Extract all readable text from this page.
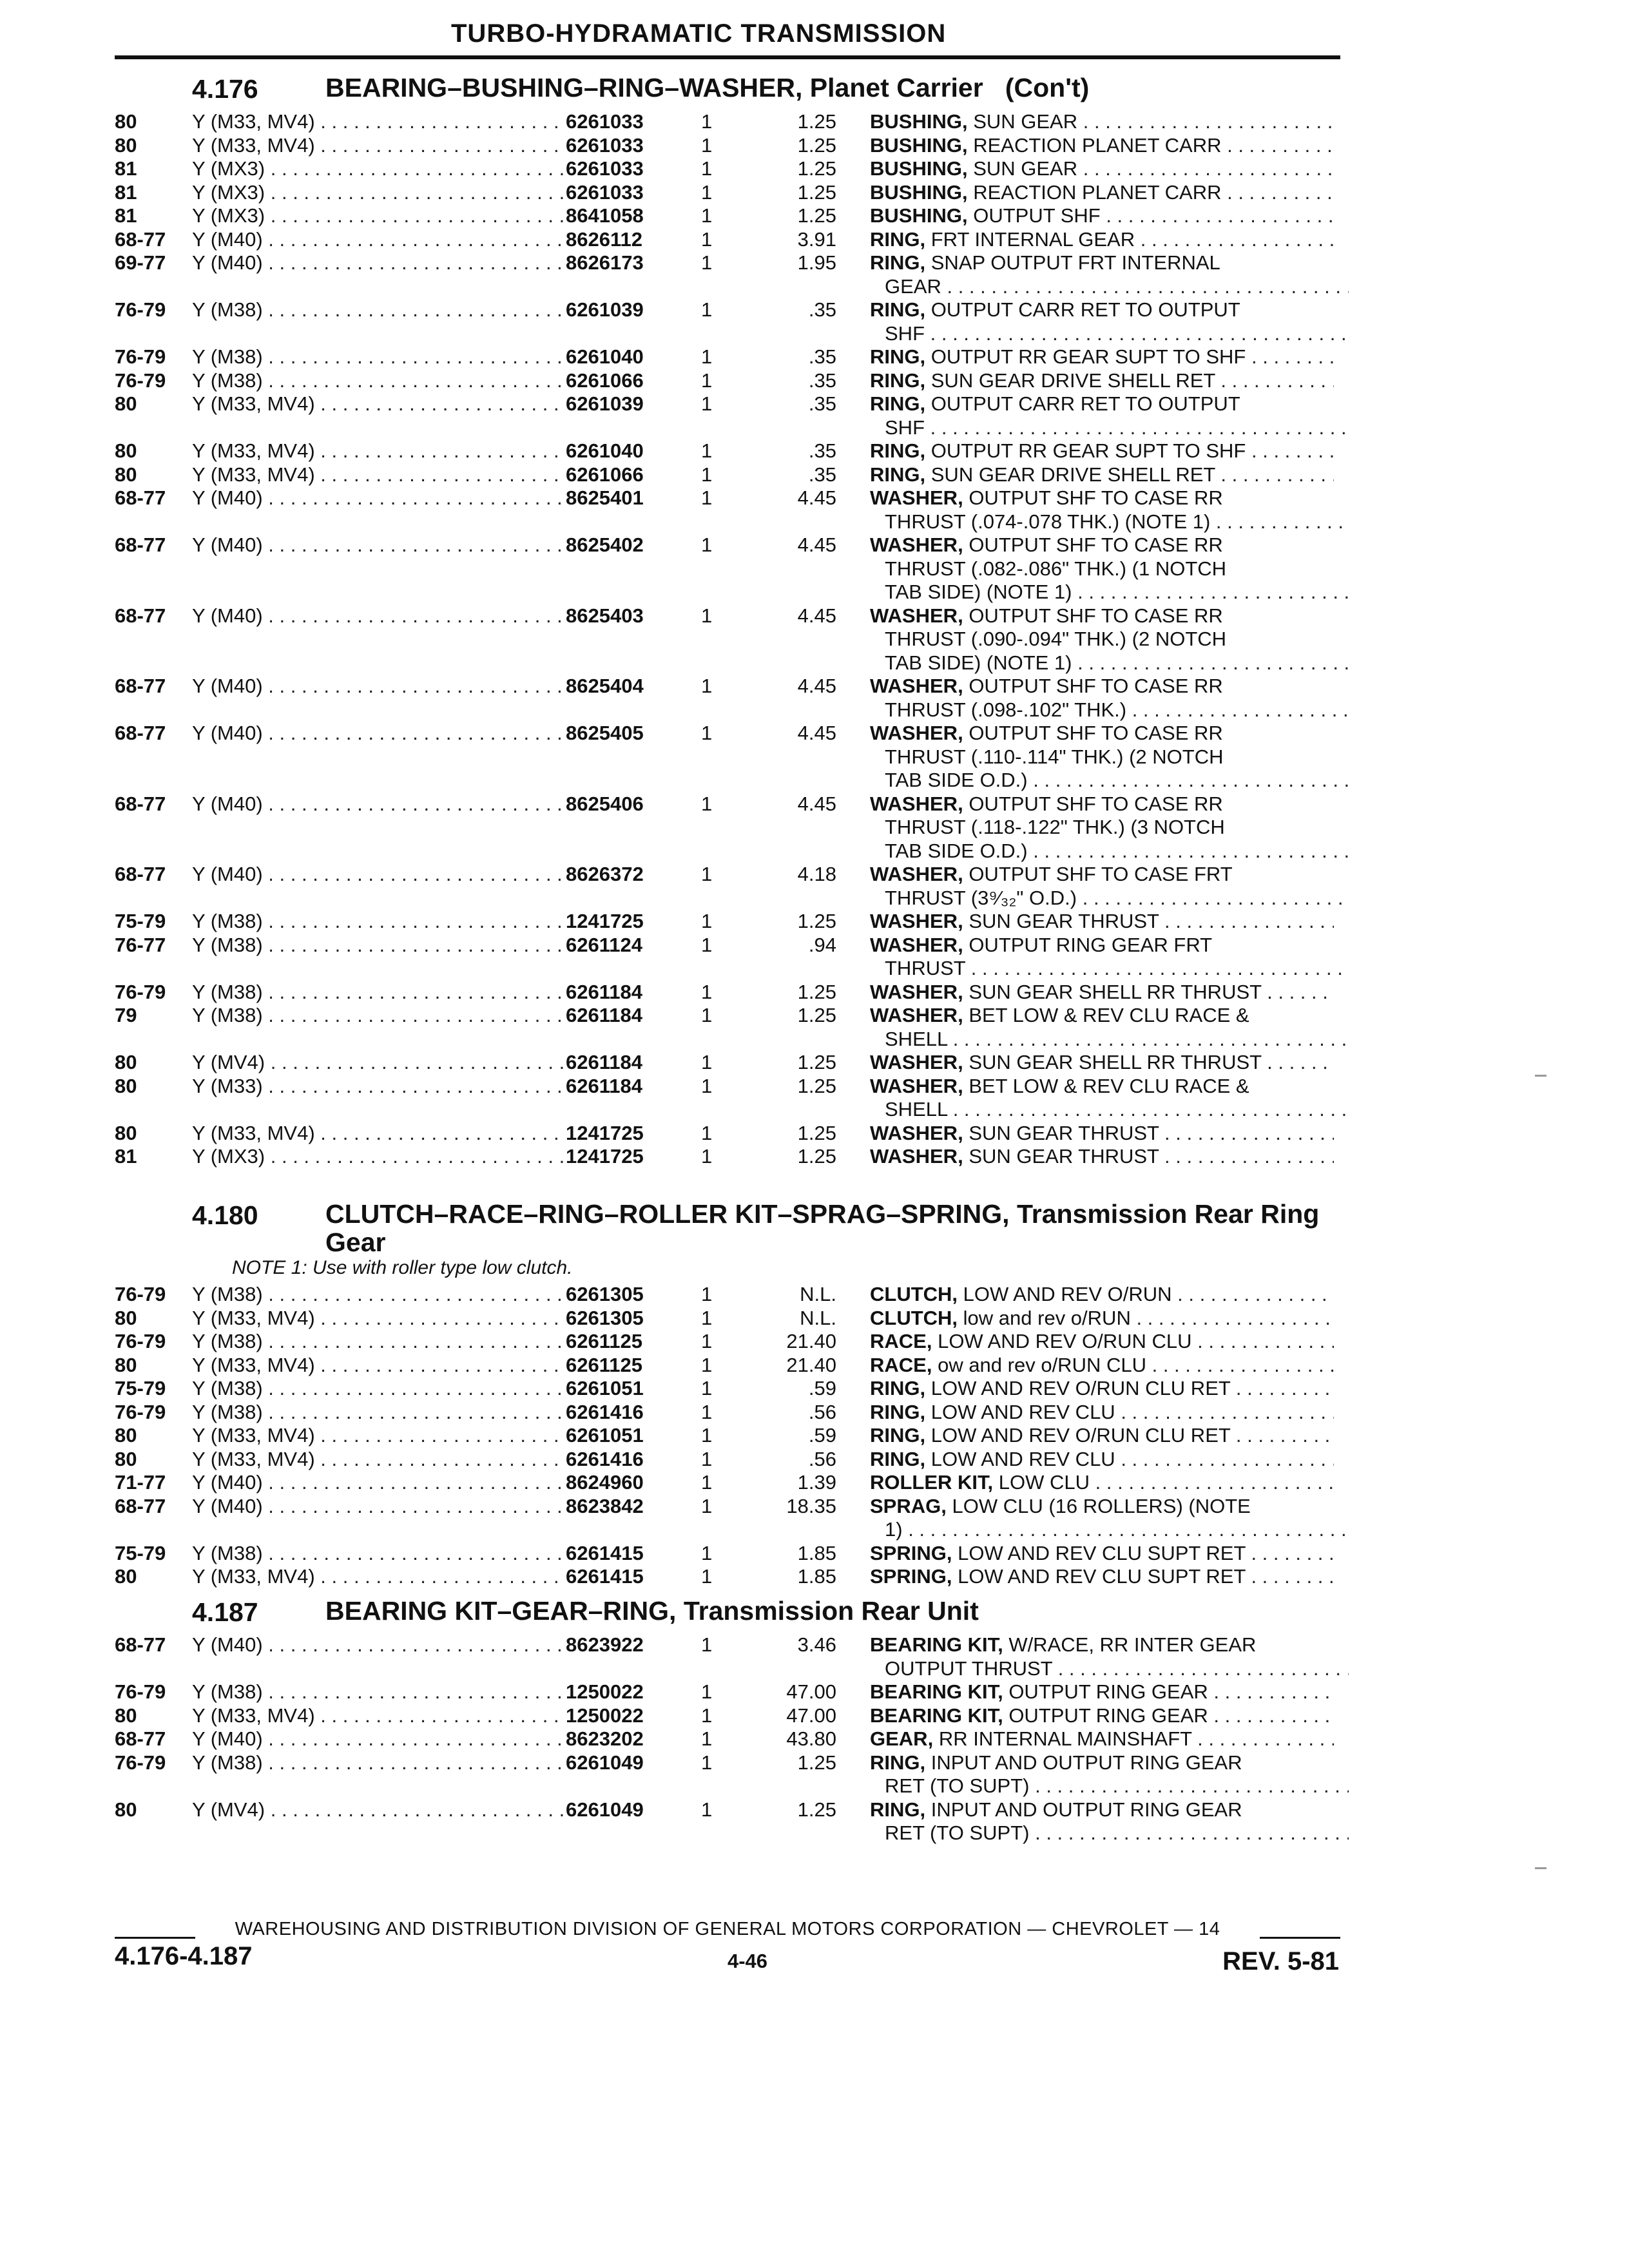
TURBO-HYDRAMATIC TRANSMISSION
4.176	BEARING–BUSHING–RING–WASHER, Planet Carrier (Con't)
80	Y (M33, MV4) . . .	6261033	1	1.25 BUSHING, SUN GEAR . . .
80	Y (M33, MV4) . . .	6261033	1	1.25 BUSHING, REACTION PLANET CARR . . .
81	Y (MX3) . . .	6261033	1	1.25 BUSHING, SUN GEAR . . .
81	Y (MX3) . . .	6261033	1	1.25 BUSHING, REACTION PLANET CARR . . .
81	Y (MX3) . . .	8641058	1	1.25 BUSHING, OUTPUT SHF . . .
68-77	Y (M40) . . .	8626112	1	3.91 RING, FRT INTERNAL GEAR . . .
69-77	Y (M40) . . .	8626173	1	1.95 RING, SNAP OUTPUT FRT INTERNAL
GEAR . . .
76-79	Y (M38) . . .	6261039	1	.35 RING, OUTPUT CARR RET TO OUTPUT
SHF . . .
76-79	Y (M38) . . .	6261040	1	.35 RING, OUTPUT RR GEAR SUPT TO SHF . . .
76-79	Y (M38) . . .	6261066	1	.35 RING, SUN GEAR DRIVE SHELL RET . . .
80	Y (M33, MV4) . . .	6261039	1	.35 RING, OUTPUT CARR RET TO OUTPUT
SHF . . .
80	Y (M33, MV4) . . .	6261040	1	.35 RING, OUTPUT RR GEAR SUPT TO SHF . . .
80	Y (M33, MV4) . . .	6261066	1	.35 RING, SUN GEAR DRIVE SHELL RET . . .
68-77	Y (M40) . . .	8625401	1	4.45 WASHER, OUTPUT SHF TO CASE RR
THRUST (.074-.078 THK.) (NOTE 1) . . .
68-77	Y (M40) . . .	8625402	1	4.45 WASHER, OUTPUT SHF TO CASE RR
THRUST (.082-.086" THK.) (1 NOTCH
TAB SIDE) (NOTE 1) . . .
68-77	Y (M40) . . .	8625403	1	4.45 WASHER, OUTPUT SHF TO CASE RR
THRUST (.090-.094" THK.) (2 NOTCH
TAB SIDE) (NOTE 1) . . .
68-77	Y (M40) . . .	8625404	1	4.45 WASHER, OUTPUT SHF TO CASE RR
THRUST (.098-.102" THK.) . . .
68-77	Y (M40) . . .	8625405	1	4.45 WASHER, OUTPUT SHF TO CASE RR
THRUST (.110-.114" THK.) (2 NOTCH
TAB SIDE O.D.) . . .
68-77	Y (M40) . . .	8625406	1	4.45 WASHER, OUTPUT SHF TO CASE RR
THRUST (.118-.122" THK.) (3 NOTCH
TAB SIDE O.D.) . . .
68-77	Y (M40) . . .	8626372	1	4.18 WASHER, OUTPUT SHF TO CASE FRT
THRUST (3⁹⁄₃₂" O.D.) . . .
75-79	Y (M38) . . .	1241725	1	1.25 WASHER, SUN GEAR THRUST . . .
76-77	Y (M38) . . .	6261124	1	.94 WASHER, OUTPUT RING GEAR FRT
THRUST . . .
76-79	Y (M38) . . .	6261184	1	1.25 WASHER, SUN GEAR SHELL RR THRUST . . . .
79	Y (M38) . . .	6261184	1	1.25 WASHER, BET LOW & REV CLU RACE &
SHELL . . .
80	Y (MV4) . . .	6261184	1	1.25 WASHER, SUN GEAR SHELL RR THRUST . . . .
80	Y (M33) . . .	6261184	1	1.25 WASHER, BET LOW & REV CLU RACE &
SHELL . . .
80	Y (M33, MV4) . . .	1241725	1	1.25 WASHER, SUN GEAR THRUST . . .
81	Y (MX3) . . .	1241725	1	1.25 WASHER, SUN GEAR THRUST . . .
4.180	CLUTCH–RACE–RING–ROLLER KIT–SPRAG–SPRING, Transmission Rear Ring Gear
NOTE 1: Use with roller type low clutch.
76-79	Y (M38) . . .	6261305	1	N.L. CLUTCH, LOW AND REV O/RUN . . .
80	Y (M33, MV4) . . .	6261305	1	N.L. CLUTCH, low and rev o/RUN . . .
76-79	Y (M38) . . .	6261125	1	21.40 RACE, LOW AND REV O/RUN CLU . . .
80	Y (M33, MV4) . . .	6261125	1	21.40 RACE, ow and rev o/RUN CLU . . .
75-79	Y (M38) . . .	6261051	1	.59 RING, LOW AND REV O/RUN CLU RET . . .
76-79	Y (M38) . . .	6261416	1	.56 RING, LOW AND REV CLU . . .
80	Y (M33, MV4) . . .	6261051	1	.59 RING, LOW AND REV O/RUN CLU RET . . .
80	Y (M33, MV4) . . .	6261416	1	.56 RING, LOW AND REV CLU . . .
71-77	Y (M40) . . .	8624960	1	1.39 ROLLER KIT, LOW CLU . . .
68-77	Y (M40) . . .	8623842	1	18.35 SPRAG, LOW CLU (16 ROLLERS) (NOTE
1) . . .
75-79	Y (M38) . . .	6261415	1	1.85 SPRING, LOW AND REV CLU SUPT RET . . .
80	Y (M33, MV4) . . .	6261415	1	1.85 SPRING, LOW AND REV CLU SUPT RET . . .
4.187	BEARING KIT–GEAR–RING, Transmission Rear Unit
68-77	Y (M40) . . .	8623922	1	3.46 BEARING KIT, W/RACE, RR INTER GEAR
OUTPUT THRUST . . .
76-79	Y (M38) . . .	1250022	1	47.00 BEARING KIT, OUTPUT RING GEAR . . .
80	Y (M33, MV4) . . .	1250022	1	47.00 BEARING KIT, OUTPUT RING GEAR . . .
68-77	Y (M40) . . .	8623202	1	43.80 GEAR, RR INTERNAL MAINSHAFT . . .
76-79	Y (M38) . . .	6261049	1	1.25 RING, INPUT AND OUTPUT RING GEAR
RET (TO SUPT) . . .
80	Y (MV4) . . .	6261049	1	1.25 RING, INPUT AND OUTPUT RING GEAR
RET (TO SUPT) . . .
WAREHOUSING AND DISTRIBUTION DIVISION OF GENERAL MOTORS CORPORATION — CHEVROLET — 14
4.176-4.187	4-46	REV. 5-81
